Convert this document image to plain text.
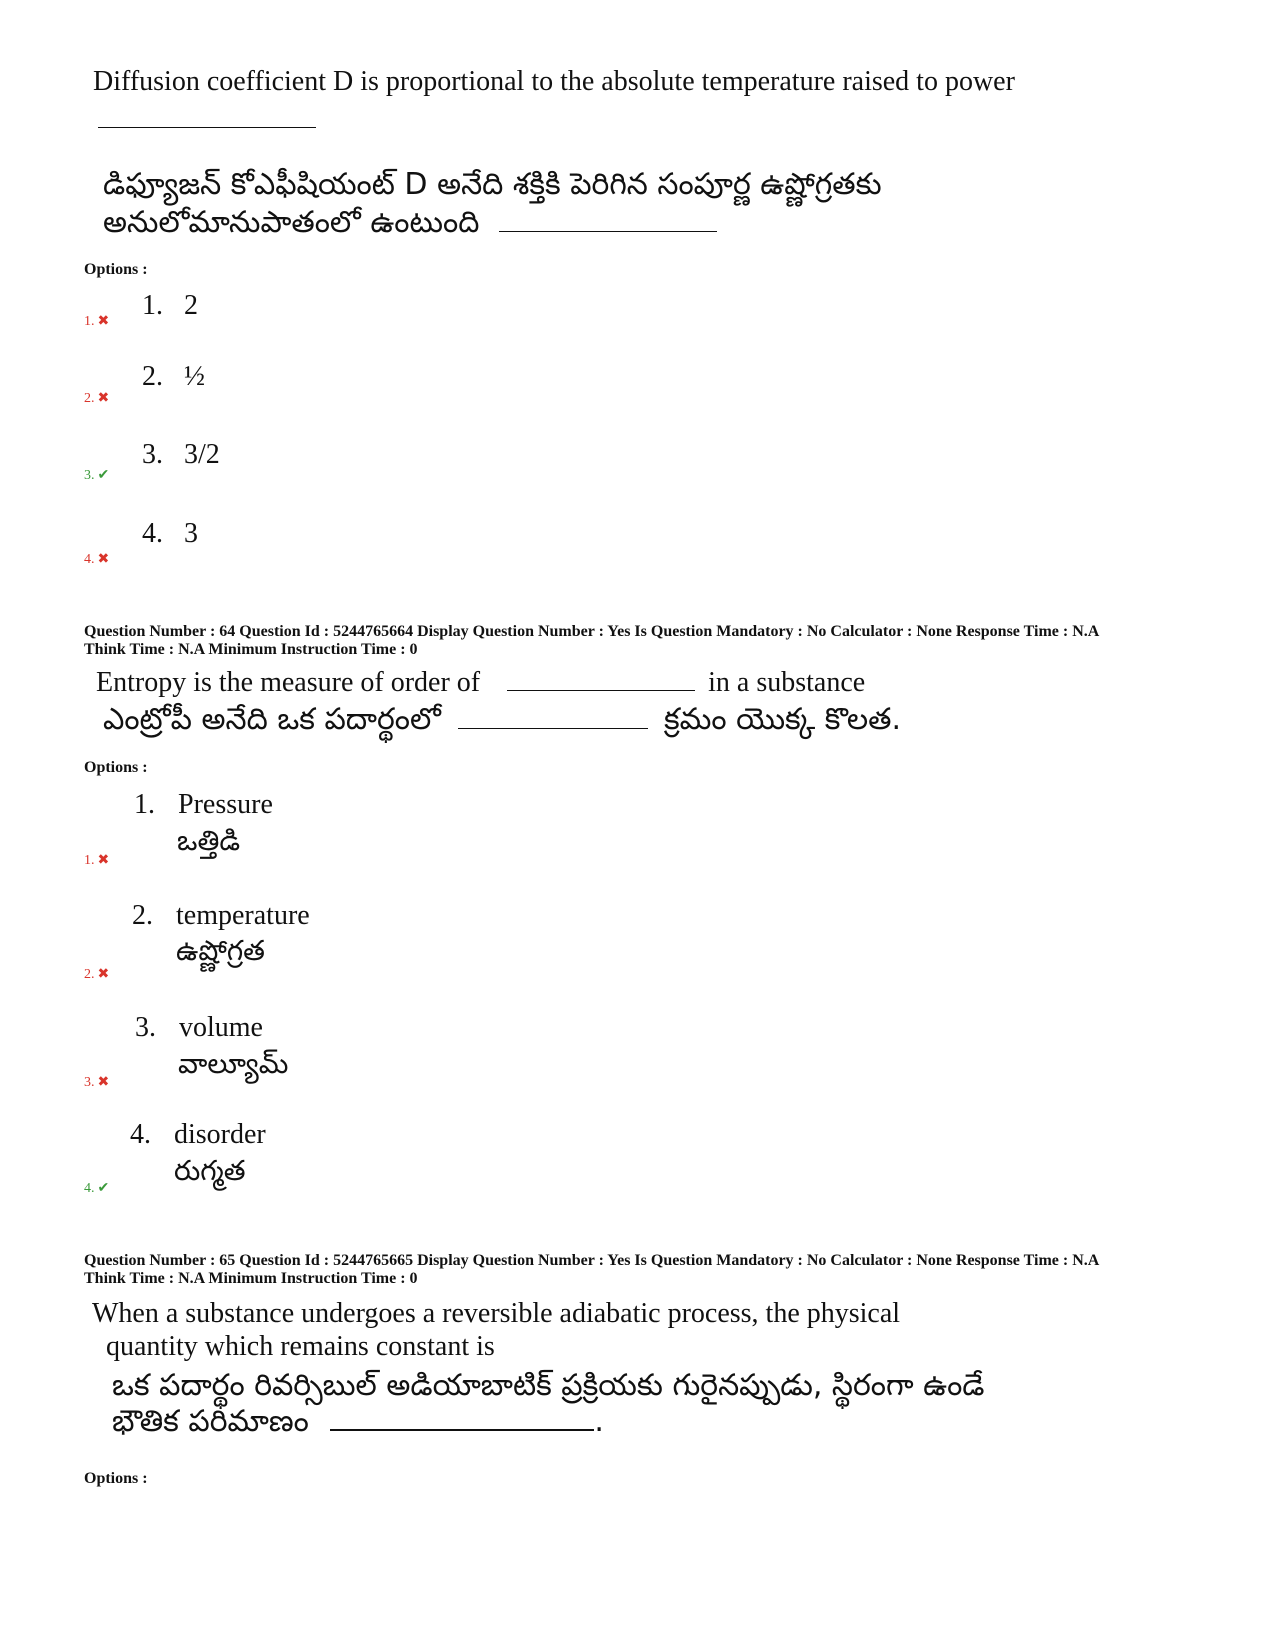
Diffusion coefficient D is proportional to the absolute temperature raised to power
డిఫ్యూజన్ కోఎఫీషియంట్ D అనేది శక్తికి పెరిగిన సంపూర్ణ ఉష్ణోగ్రతకు
అనులోమానుపాతంలో ఉంటుంది
Options :
1. 2
1. ✖
2. ½
2. ✖
3. 3/2
3. ✔
4. 3
4. ✖
Question Number : 64 Question Id : 5244765664 Display Question Number : Yes Is Question Mandatory : No Calculator : None Response Time : N.A
Think Time : N.A Minimum Instruction Time : 0
Entropy is the measure of order of	in a substance
ఎంట్రోపీ అనేది ఒక పదార్థంలో	క్రమం యొక్క కొలత.
Options :
1. Pressure
ఒత్తిడి
1. ✖
2. temperature
ఉష్ణోగ్రత
2. ✖
3. volume
వాల్యూమ్
3. ✖
4. disorder
రుగ్మత
4. ✔
Question Number : 65 Question Id : 5244765665 Display Question Number : Yes Is Question Mandatory : No Calculator : None Response Time : N.A
Think Time : N.A Minimum Instruction Time : 0
When a substance undergoes a reversible adiabatic process, the physical
quantity which remains constant is
ఒక పదార్థం రివర్సిబుల్ అడియాబాటిక్ ప్రక్రియకు గురైనప్పుడు, స్థిరంగా ఉండే
భౌతిక పరిమాణం	.
Options :
